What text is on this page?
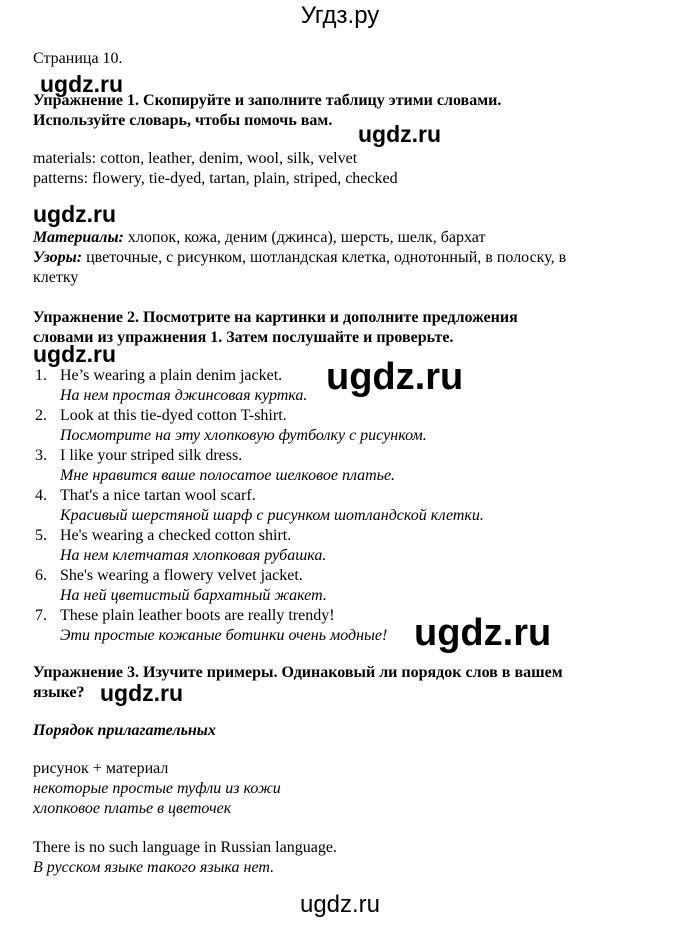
Угдз.ру
Страница 10.
Упражнение 1. Скопируйте и заполните таблицу этими словами.
Используйте словарь, чтобы помочь вам.
materials: cotton, leather, denim, wool, silk, velvet
patterns: flowery, tie-dyed, tartan, plain, striped, checked
Материалы: хлопок, кожа, деним (джинса), шерсть, шелк, бархат
Узоры: цветочные, с рисунком, шотландская клетка, однотонный, в полоску, в
клетку
Упражнение 2. Посмотрите на картинки и дополните предложения
словами из упражнения 1. Затем послушайте и проверьте.
1. He’s wearing a plain denim jacket.
На нем простая джинсовая куртка.
2. Look at this tie-dyed cotton T-shirt.
Посмотрите на эту хлопковую футболку с рисунком.
3. I like your striped silk dress.
Мне нравится ваше полосатое шелковое платье.
4. That's a nice tartan wool scarf.
Красивый шерстяной шарф с рисунком шотландской клетки.
5. He's wearing a checked cotton shirt.
На нем клетчатая хлопковая рубашка.
6. She's wearing a flowery velvet jacket.
На ней цветистый бархатный жакет.
7. These plain leather boots are really trendy!
Эти простые кожаные ботинки очень модные!
Упражнение 3. Изучите примеры. Одинаковый ли порядок слов в вашем
языке?
Порядок прилагательных
рисунок + материал
некоторые простые туфли из кожи
хлопковое платье в цветочек
There is no such language in Russian language.
В русском языке такого языка нет.
ugdz.ru
ugdz.ru
ugdz.ru
ugdz.ru
ugdz.ru
ugdz.ru
ugdz.ru
ugdz.ru
